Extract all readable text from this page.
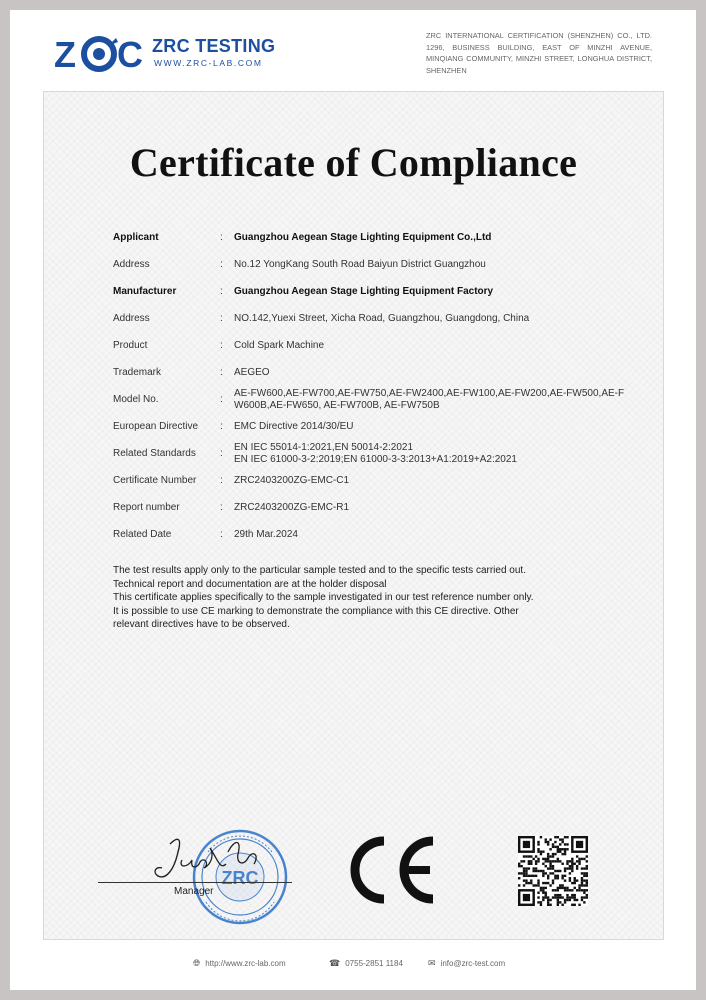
Z C ZRC TESTING
WWW.ZRC-LAB.COM
ZRC INTERNATIONAL CERTIFICATION (SHENZHEN) CO., LTD. 1296, BUSINESS BUILDING, EAST OF MINZHI AVENUE, MINQIANG COMMUNITY, MINZHI STREET, LONGHUA DISTRICT, SHENZHEN
Certificate of Compliance
Applicant	: Guangzhou Aegean Stage Lighting Equipment Co.,Ltd
Address	: No.12 YongKang South Road Baiyun District Guangzhou
Manufacturer	: Guangzhou Aegean Stage Lighting Equipment Factory
Address	: NO.142,Yuexi Street, Xicha Road, Guangzhou, Guangdong, China
Product	: Cold Spark Machine
Trademark	: AEGEO
Model No.	:
AE-FW600,AE-FW700,AE-FW750,AE-FW2400,AE-FW100,AE-FW200,AE-FW500,AE-FW600B,AE-FW650, AE-FW700B, AE-FW750B
European Directive : EMC Directive 2014/30/EU
Related Standards :
EN IEC 55014-1:2021,EN 50014-2:2021
EN IEC 61000-3-2:2019;EN 61000-3-3:2013+A1:2019+A2:2021
Certificate Number : ZRC2403200ZG-EMC-C1
Report number	: ZRC2403200ZG-EMC-R1
Related Date	: 29th Mar.2024
The test results apply only to the particular sample tested and to the specific tests carried out.
Technical report and documentation are at the holder disposal
This certificate applies specifically to the sample investigated in our test reference number only.
It is possible to use CE marking to demonstrate the compliance with this CE directive. Other
relevant directives have to be observed.
ZRC
Manager
🌐︎ http://www.zrc-lab.com	☎ 0755-2851 1184	✉ info@zrc-test.com
